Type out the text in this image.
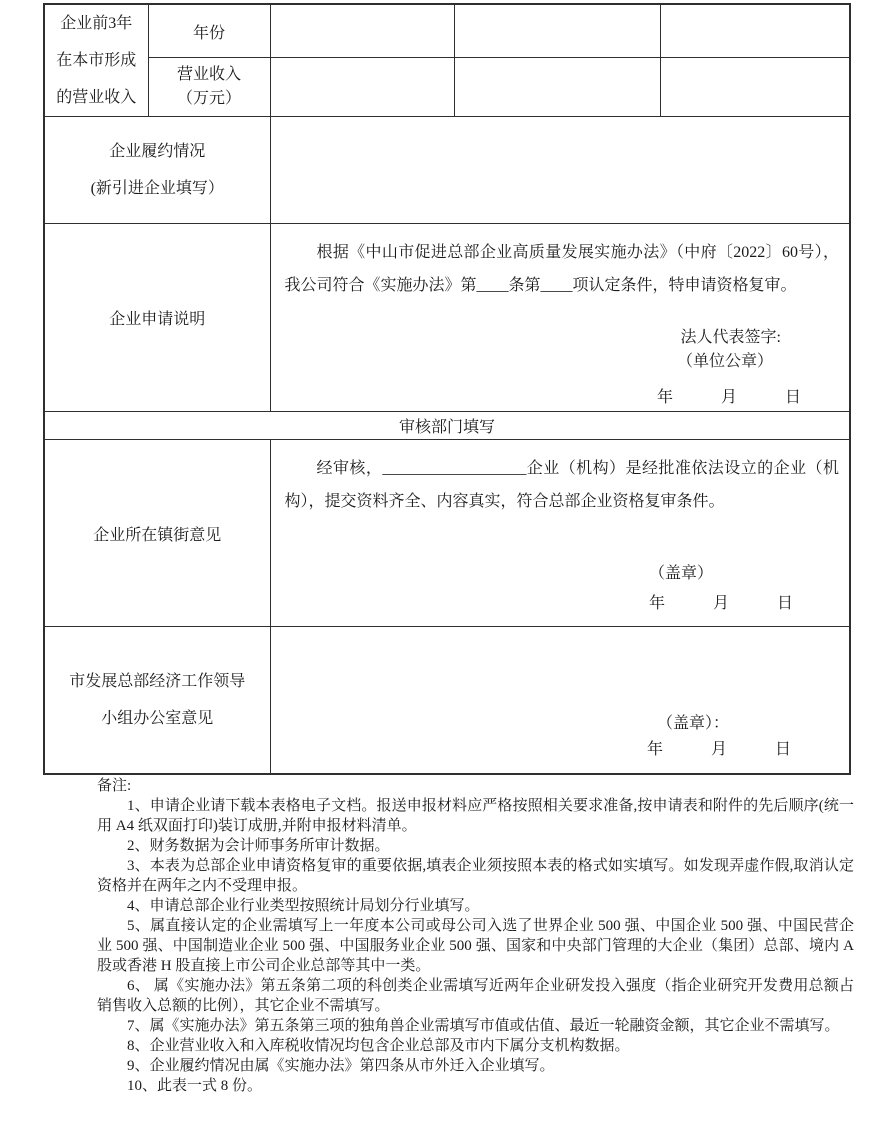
企业前3年
在本市形成
的营业收入	年份			

	营业收入
（万元）			

企业履约情况
(新引进企业填写）				

企业申请说明		根据《中山市促进总部企业高质量发展实施办法》（中府〔2022〕60号），我公司符合《实施办法》第____条第____项认定条件，特申请资格复审。

法人代表签字:
（单位公章）
年　　　月　　　日		

审核部门填写				
企业所在镇街意见		经审核，__________________企业（机构）是经批准依法设立的企业（机构），提交资料齐全、内容真实，符合总部企业资格复审条件。

（盖章）
年　　　月　　　日		

市发展总部经济工作领导
小组办公室意见	（盖章）：
年　　　月　　　日
备注:

1、申请企业请下载本表格电子文档。报送申报材料应严格按照相关要求准备,按申请表和附件的先后顺序(统一用 A4 纸双面打印)装订成册,并附申报材料清单。

2、财务数据为会计师事务所审计数据。

3、本表为总部企业申请资格复审的重要依据,填表企业须按照本表的格式如实填写。如发现弄虚作假,取消认定资格并在两年之内不受理申报。

4、申请总部企业行业类型按照统计局划分行业填写。

5、属直接认定的企业需填写上一年度本公司或母公司入选了世界企业 500 强、中国企业 500 强、中国民营企业 500 强、中国制造业企业 500 强、中国服务业企业 500 强、国家和中央部门管理的大企业（集团）总部、境内 A 股或香港 H 股直接上市公司企业总部等其中一类。

6、 属《实施办法》第五条第二项的科创类企业需填写近两年企业研发投入强度（指企业研究开发费用总额占销售收入总额的比例），其它企业不需填写。

7、属《实施办法》第五条第三项的独角兽企业需填写市值或估值、最近一轮融资金额，其它企业不需填写。

8、企业营业收入和入库税收情况均包含企业总部及市内下属分支机构数据。

9、企业履约情况由属《实施办法》第四条从市外迁入企业填写。

10、此表一式 8 份。
